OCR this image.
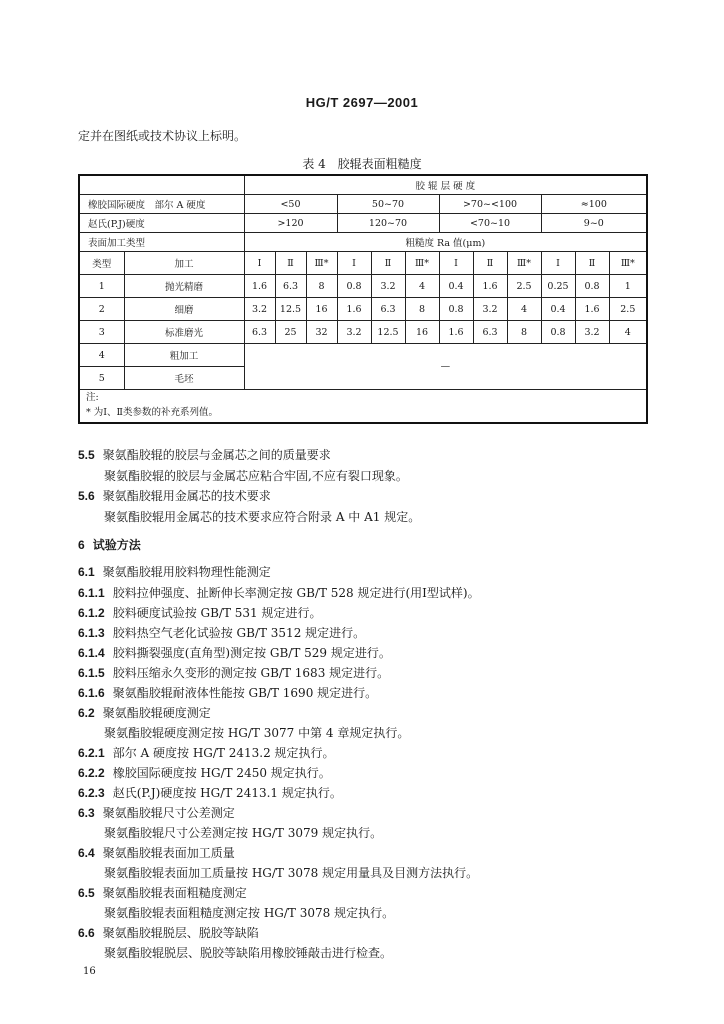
HG/T 2697—2001
定并在图纸或技术协议上标明。
表 4 胶辊表面粗糙度
		胶 辊 层 硬 度											
橡胶国际硬度　部尔 A 硬度		<50			50~70			>70~<100			≈100		
赵氏(P.J)硬度		>120			120~70			<70~10			9~0		
表面加工类型		粗糙度 Ra 值(μm)											
类型	加工	Ⅰ	Ⅱ	Ⅲ*	Ⅰ	Ⅱ	Ⅲ*	Ⅰ	Ⅱ	Ⅲ*	Ⅰ	Ⅱ	Ⅲ*
1	抛光精磨	1.6	6.3	8	0.8	3.2	4	0.4	1.6	2.5	0.25	0.8	1
2	细磨	3.2	12.5	16	1.6	6.3	8	0.8	3.2	4	0.4	1.6	2.5
3	标准磨光	6.3	25	32	3.2	12.5	16	1.6	6.3	8	0.8	3.2	4
4	粗加工	—											
5	毛坯												

注:
* 为Ⅰ、Ⅱ类参数的补充系列值。													
5.5 聚氨酯胶辊的胶层与金属芯之间的质量要求
聚氨酯胶辊的胶层与金属芯应粘合牢固,不应有裂口现象。
5.6 聚氨酯胶辊用金属芯的技术要求
聚氨酯胶辊用金属芯的技术要求应符合附录 A 中 A1 规定。
6 试验方法
6.1 聚氨酯胶辊用胶料物理性能测定
6.1.1 胶料拉伸强度、扯断伸长率测定按 GB/T 528 规定进行(用Ⅰ型试样)。
6.1.2 胶料硬度试验按 GB/T 531 规定进行。
6.1.3 胶料热空气老化试验按 GB/T 3512 规定进行。
6.1.4 胶料撕裂强度(直角型)测定按 GB/T 529 规定进行。
6.1.5 胶料压缩永久变形的测定按 GB/T 1683 规定进行。
6.1.6 聚氨酯胶辊耐液体性能按 GB/T 1690 规定进行。
6.2 聚氨酯胶辊硬度测定
聚氨酯胶辊硬度测定按 HG/T 3077 中第 4 章规定执行。
6.2.1 部尔 A 硬度按 HG/T 2413.2 规定执行。
6.2.2 橡胶国际硬度按 HG/T 2450 规定执行。
6.2.3 赵氏(P.J)硬度按 HG/T 2413.1 规定执行。
6.3 聚氨酯胶辊尺寸公差测定
聚氨酯胶辊尺寸公差测定按 HG/T 3079 规定执行。
6.4 聚氨酯胶辊表面加工质量
聚氨酯胶辊表面加工质量按 HG/T 3078 规定用量具及目测方法执行。
6.5 聚氨酯胶辊表面粗糙度测定
聚氨酯胶辊表面粗糙度测定按 HG/T 3078 规定执行。
6.6 聚氨酯胶辊脱层、脱胶等缺陷
聚氨酯胶辊脱层、脱胶等缺陷用橡胶锤敲击进行检查。
16
